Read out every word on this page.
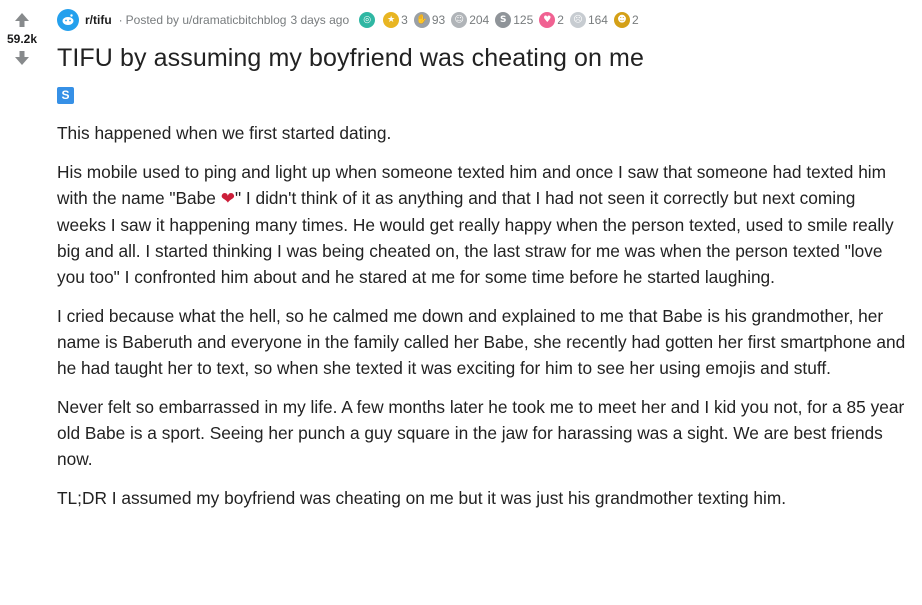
59.2k
r/tifu · Posted by u/dramaticbitchblog 3 days ago	◎	★ 3 ✋ 93	☺ 204	S 125	♥ 2	☹ 164	☻ 2
TIFU by assuming my boyfriend was cheating on me
S

This happened when we first started dating.

His mobile used to ping and light up when someone texted him and once I saw that someone had texted him with the name "Babe ❤" I didn't think of it as anything and that I had not seen it correctly but next coming weeks I saw it happening many times. He would get really happy when the person texted, used to smile really big and all. I started thinking I was being cheated on, the last straw for me was when the person texted "love you too" I confronted him about and he stared at me for some time before he started laughing.

I cried because what the hell, so he calmed me down and explained to me that Babe is his grandmother, her name is Baberuth and everyone in the family called her Babe, she recently had gotten her first smartphone and he had taught her to text, so when she texted it was exciting for him to see her using emojis and stuff.

Never felt so embarrassed in my life. A few months later he took me to meet her and I kid you not, for a 85 year old Babe is a sport. Seeing her punch a guy square in the jaw for harassing was a sight. We are best friends now.

TL;DR I assumed my boyfriend was cheating on me but it was just his grandmother texting him.
